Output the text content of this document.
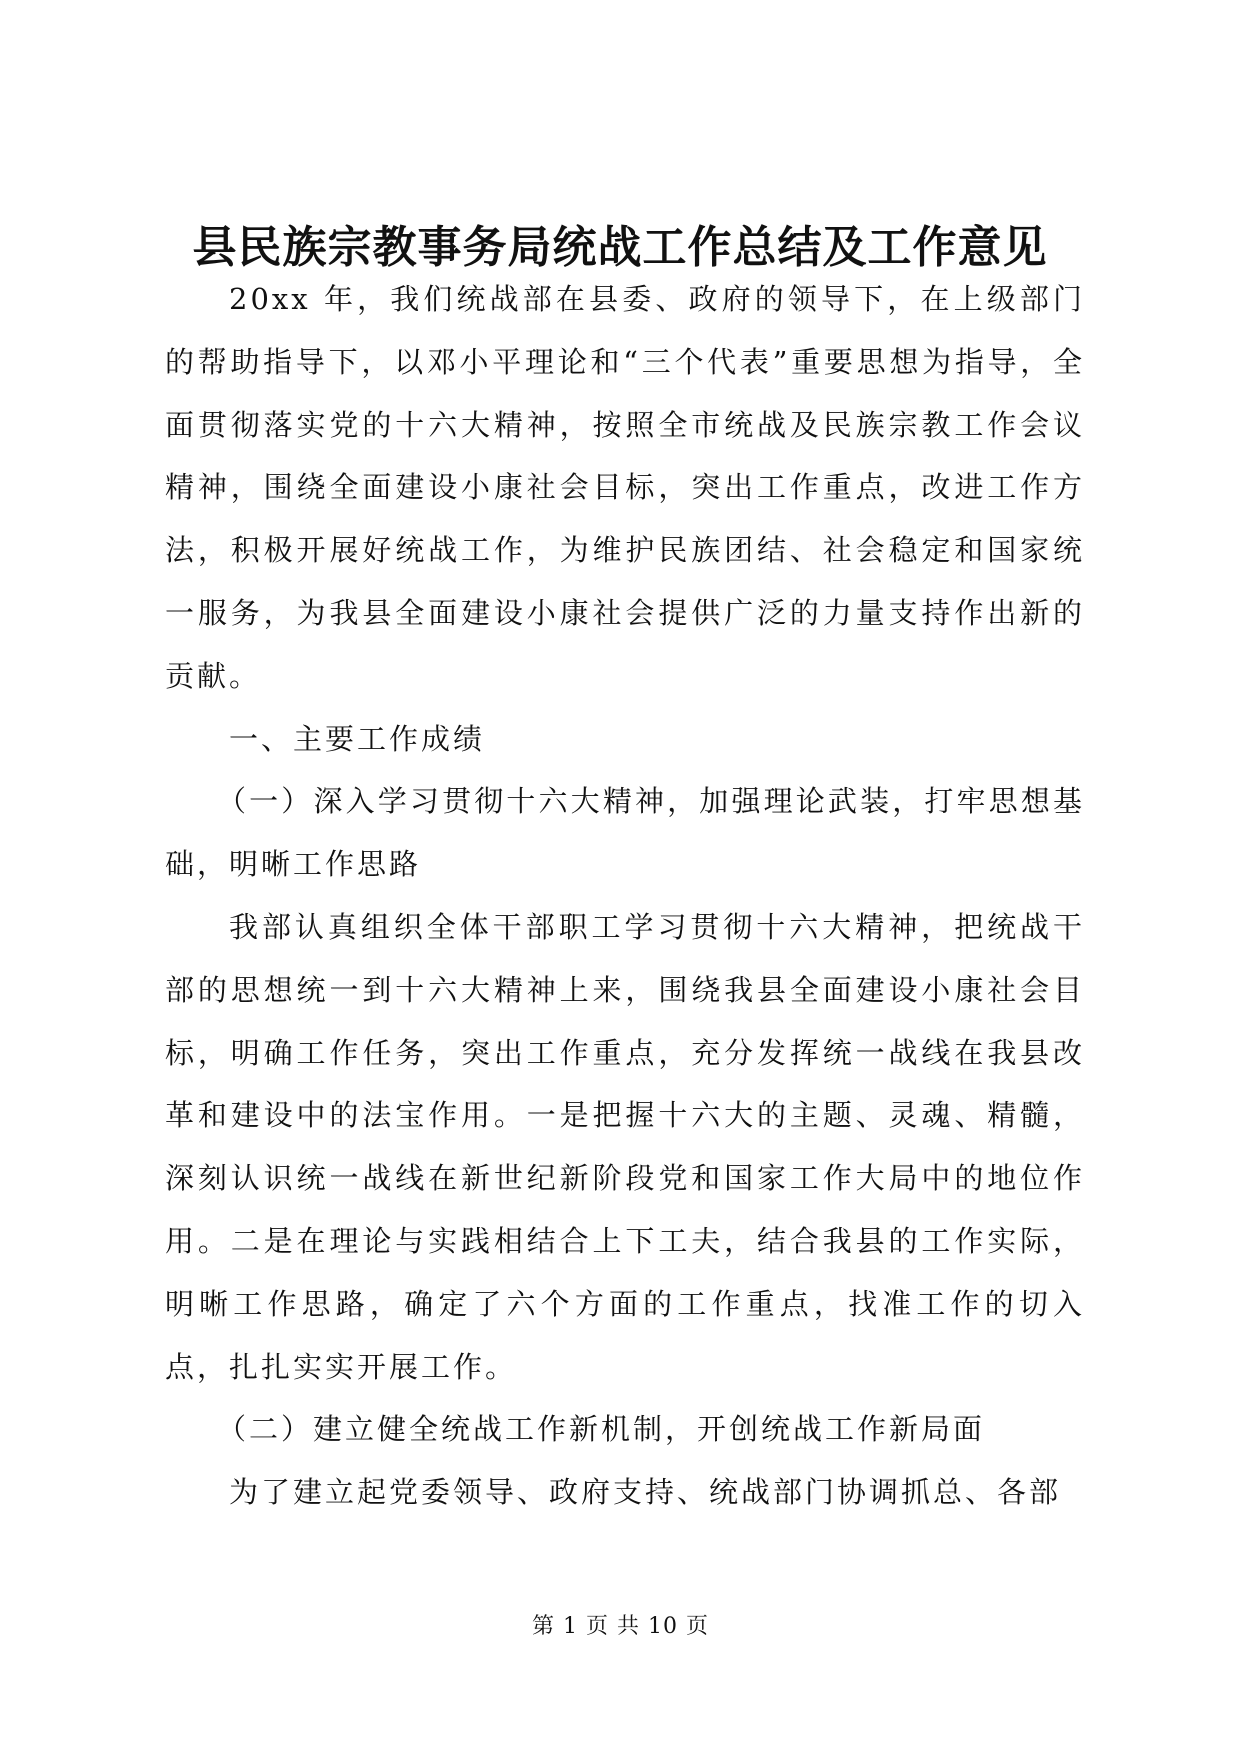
县民族宗教事务局统战工作总结及工作意见

20xx 年，我们统战部在县委、政府的领导下，在上级部门的帮助指导下，以邓小平理论和“三个代表”重要思想为指导，全面贯彻落实党的十六大精神，按照全市统战及民族宗教工作会议精神，围绕全面建设小康社会目标，突出工作重点，改进工作方法，积极开展好统战工作，为维护民族团结、社会稳定和国家统一服务，为我县全面建设小康社会提供广泛的力量支持作出新的贡献。

一、主要工作成绩

（一）深入学习贯彻十六大精神，加强理论武装，打牢思想基础，明晰工作思路

我部认真组织全体干部职工学习贯彻十六大精神，把统战干部的思想统一到十六大精神上来，围绕我县全面建设小康社会目标，明确工作任务，突出工作重点，充分发挥统一战线在我县改革和建设中的法宝作用。一是把握十六大的主题、灵魂、精髓，深刻认识统一战线在新世纪新阶段党和国家工作大局中的地位作用。二是在理论与实践相结合上下工夫，结合我县的工作实际，明晰工作思路，确定了六个方面的工作重点，找准工作的切入点，扎扎实实开展工作。

（二）建立健全统战工作新机制，开创统战工作新局面

为了建立起党委领导、政府支持、统战部门协调抓总、各部

第 1 页 共 10 页
